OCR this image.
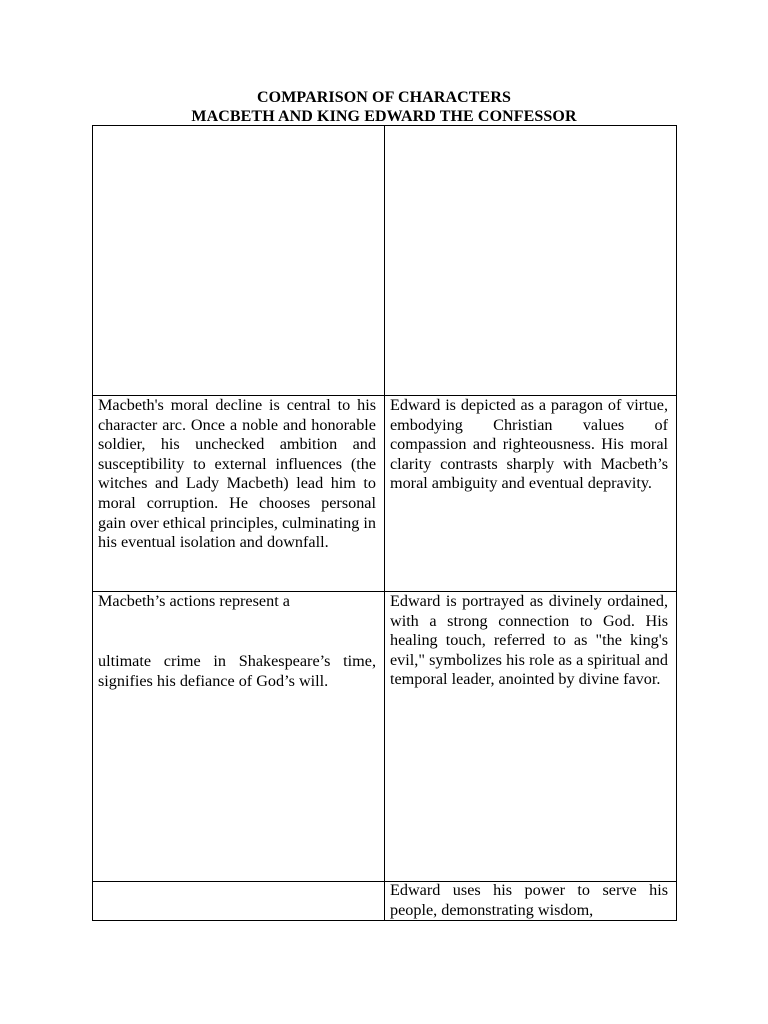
COMPARISON OF CHARACTERS
MACBETH AND KING EDWARD THE CONFESSOR
Macbeth's moral decline is central to his character arc. Once a noble and honorable soldier, his unchecked ambition and susceptibility to external influences (the witches and Lady Macbeth) lead him to moral corruption. He chooses personal gain over ethical principles, culminating in his eventual isolation and downfall.
Edward is depicted as a paragon of virtue, embodying Christian values of compassion and righteousness. His moral clarity contrasts sharply with Macbeth’s moral ambiguity and eventual depravity.
Macbeth’s actions represent a
ultimate crime in Shakespeare’s time, signifies his defiance of God’s will.
Edward is portrayed as divinely ordained, with a strong connection to God. His healing touch, referred to as "the king's evil," symbolizes his role as a spiritual and temporal leader, anointed by divine favor.
Edward uses his power to serve his people, demonstrating wisdom,
